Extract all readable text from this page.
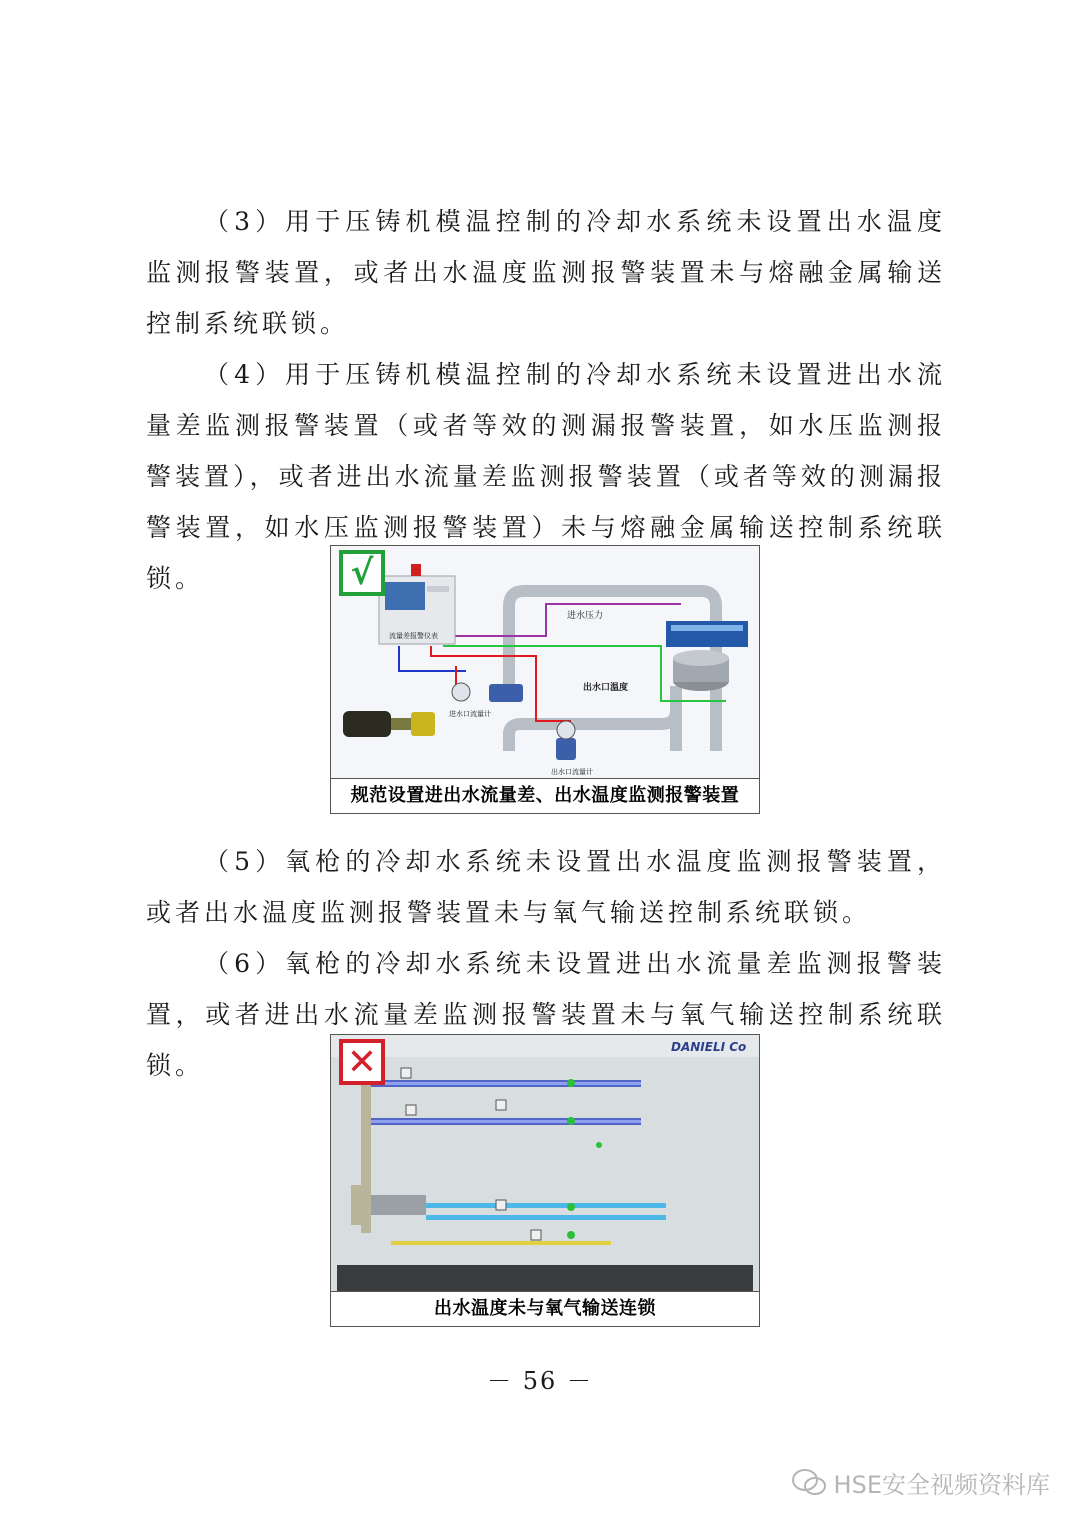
（3）用于压铸机模温控制的冷却水系统未设置出水温度监测报警装置，或者出水温度监测报警装置未与熔融金属输送控制系统联锁。

（4）用于压铸机模温控制的冷却水系统未设置进出水流量差监测报警装置（或者等效的测漏报警装置，如水压监测报警装置），或者进出水流量差监测报警装置（或者等效的测漏报警装置，如水压监测报警装置）未与熔融金属输送控制系统联锁。

流量差报警仪表
进水口流量计
出水口流量计
进水压力
出水口温度
√
规范设置进出水流量差、出水温度监测报警装置

（5）氧枪的冷却水系统未设置出水温度监测报警装置，或者出水温度监测报警装置未与氧气输送控制系统联锁。

（6）氧枪的冷却水系统未设置进出水流量差监测报警装置，或者进出水流量差监测报警装置未与氧气输送控制系统联锁。

DANIELI Co
✕
出水温度未与氧气输送连锁
－ 56 －
HSE安全视频资料库
